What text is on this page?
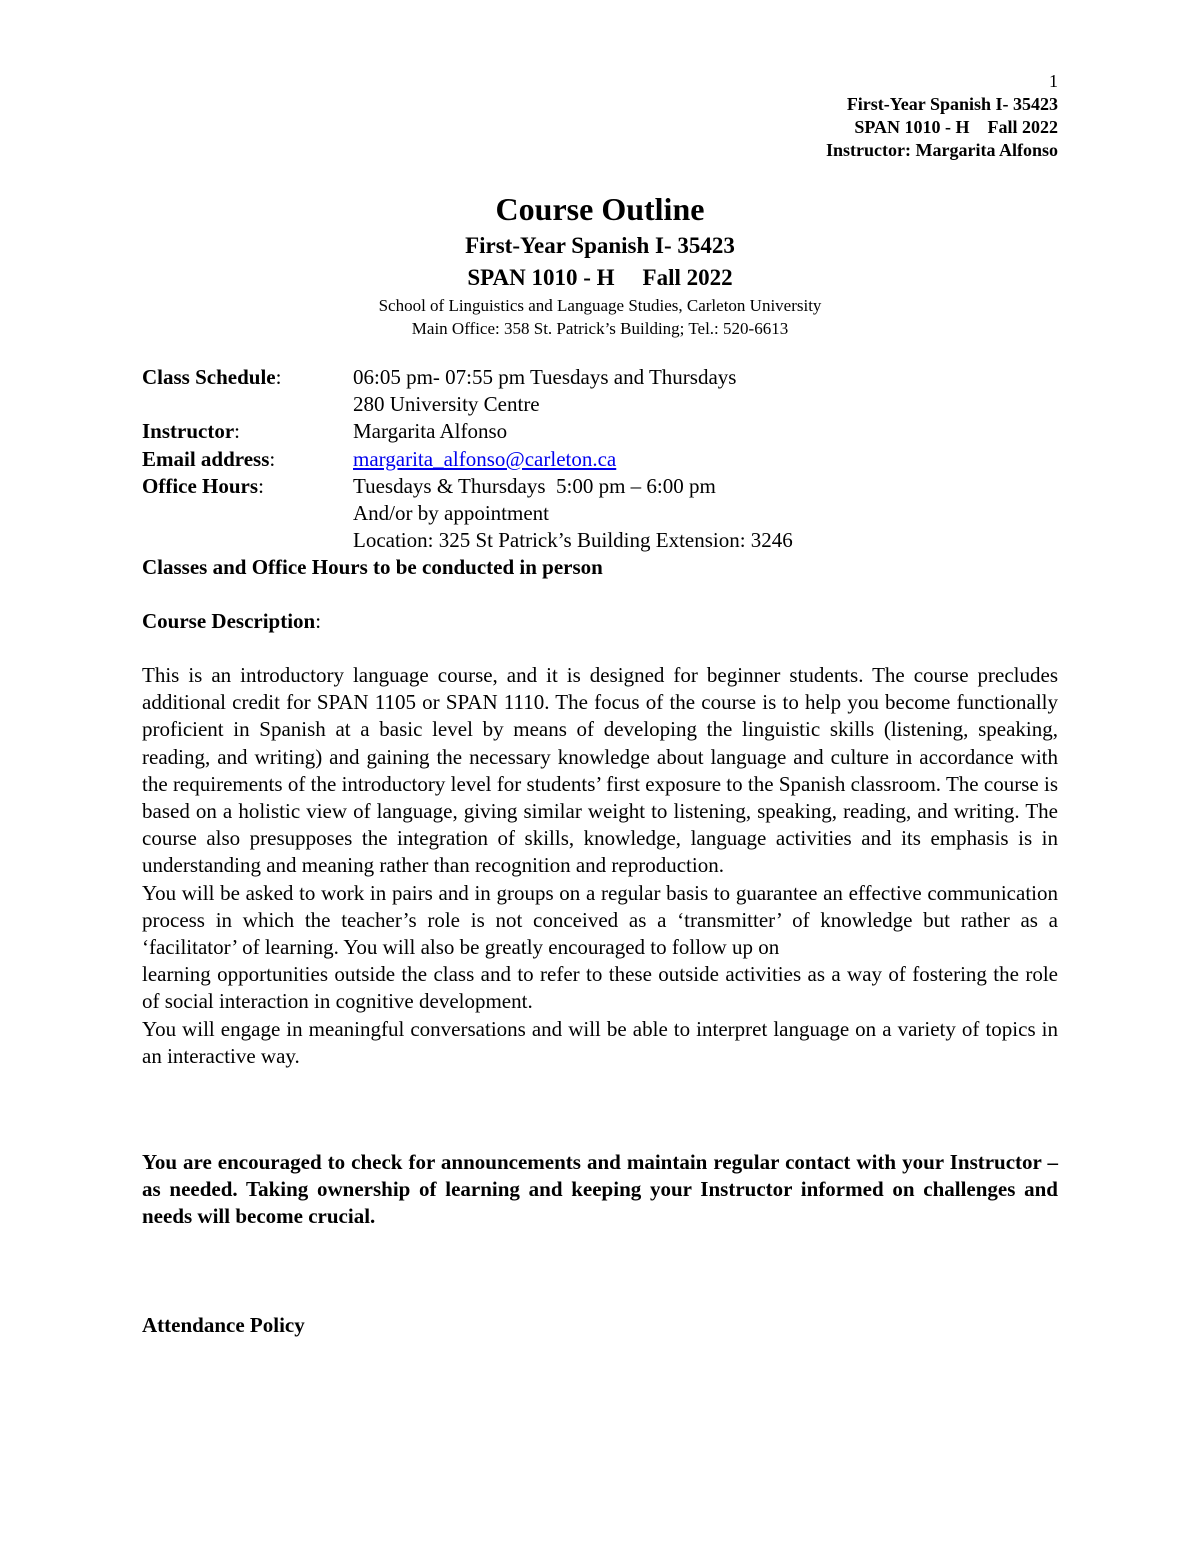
1
First-Year Spanish I- 35423
SPAN 1010 - H    Fall 2022
Instructor: Margarita Alfonso
Course Outline
First-Year Spanish I- 35423
SPAN 1010 - H Fall 2022
School of Linguistics and Language Studies, Carleton University
Main Office: 358 St. Patrick’s Building; Tel.: 520-6613
Class Schedule:	06:05 pm- 07:55 pm Tuesdays and Thursdays
280 University Centre
Instructor:	Margarita Alfonso
Email address:	margarita_alfonso@carleton.ca
Office Hours:	Tuesdays & Thursdays  5:00 pm – 6:00 pm
And/or by appointment
Location: 325 St Patrick’s Building Extension: 3246
Classes and Office Hours to be conducted in person
Course Description:

This is an introductory language course, and it is designed for beginner students. The course precludes additional credit for SPAN 1105 or SPAN 1110. The focus of the course is to help you become functionally proficient in Spanish at a basic level by means of developing the linguistic skills (listening, speaking, reading, and writing) and gaining the necessary knowledge about language and culture in accordance with the requirements of the introductory level for students’ first exposure to the Spanish classroom. The course is based on a holistic view of language, giving similar weight to listening, speaking, reading, and writing. The course also presupposes the integration of skills, knowledge, language activities and its emphasis is in understanding and meaning rather than recognition and reproduction.

You will be asked to work in pairs and in groups on a regular basis to guarantee an effective communication process in which the teacher’s role is not conceived as a ‘transmitter’ of knowledge but rather as a ‘facilitator’ of learning. You will also be greatly encouraged to follow up on

learning opportunities outside the class and to refer to these outside activities as a way of fostering the role of social interaction in cognitive development.

You will engage in meaningful conversations and will be able to interpret language on a variety of topics in an interactive way.

You are encouraged to check for announcements and maintain regular contact with your Instructor – as needed. Taking ownership of learning and keeping your Instructor informed on challenges and needs will become crucial.

Attendance Policy
